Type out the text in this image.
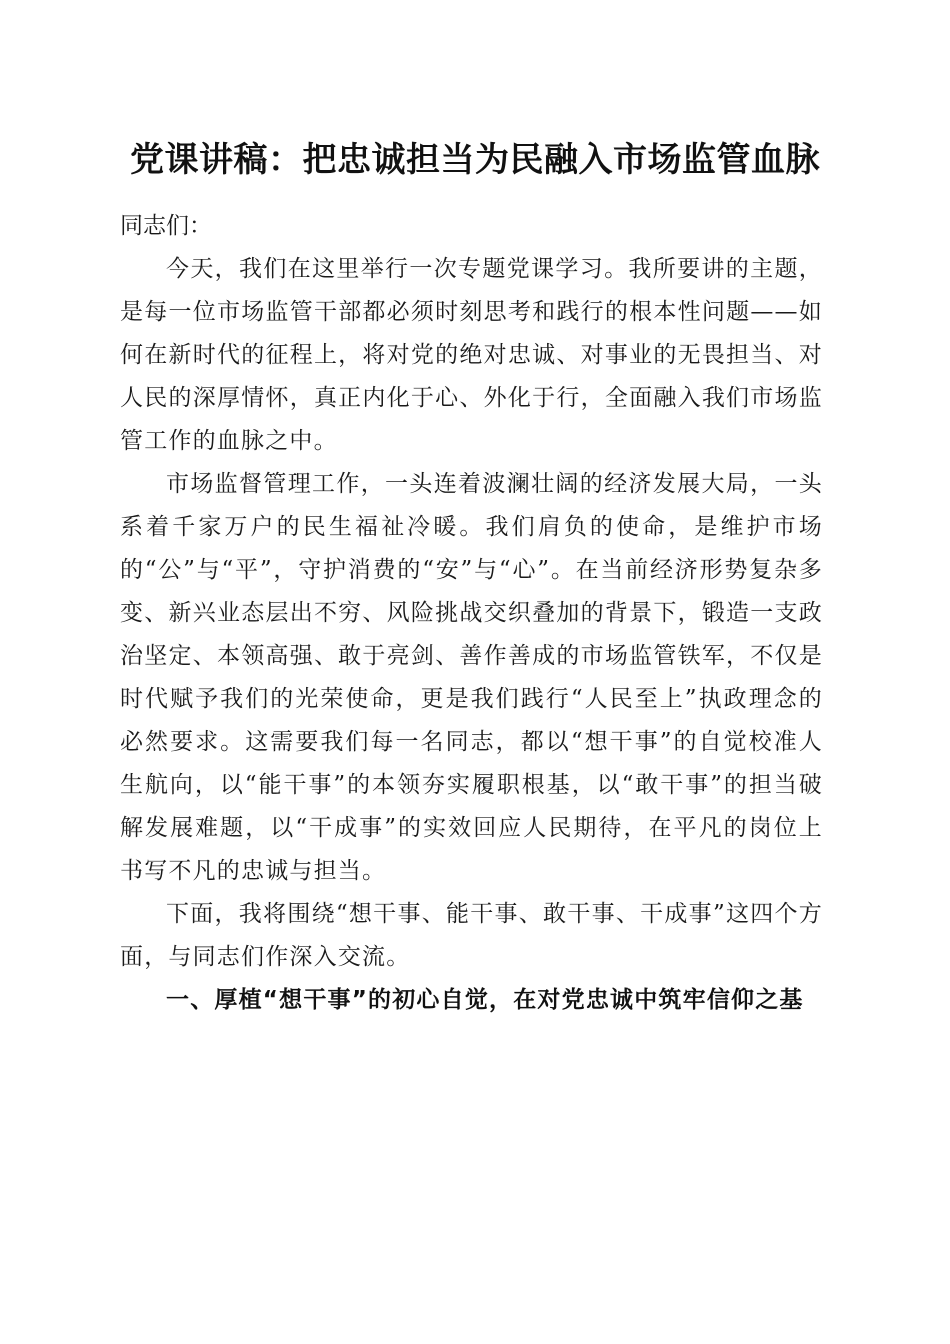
党课讲稿：把忠诚担当为民融入市场监管血脉

同志们：

今天，我们在这里举行一次专题党课学习。我所要讲的主题，是每一位市场监管干部都必须时刻思考和践行的根本性问题——如何在新时代的征程上，将对党的绝对忠诚、对事业的无畏担当、对人民的深厚情怀，真正内化于心、外化于行，全面融入我们市场监管工作的血脉之中。

市场监督管理工作，一头连着波澜壮阔的经济发展大局，一头系着千家万户的民生福祉冷暖。我们肩负的使命，是维护市场的“公”与“平”，守护消费的“安”与“心”。在当前经济形势复杂多变、新兴业态层出不穷、风险挑战交织叠加的背景下，锻造一支政治坚定、本领高强、敢于亮剑、善作善成的市场监管铁军，不仅是时代赋予我们的光荣使命，更是我们践行“人民至上”执政理念的必然要求。这需要我们每一名同志，都以“想干事”的自觉校准人生航向，以“能干事”的本领夯实履职根基，以“敢干事”的担当破解发展难题，以“干成事”的实效回应人民期待，在平凡的岗位上书写不凡的忠诚与担当。

下面，我将围绕“想干事、能干事、敢干事、干成事”这四个方面，与同志们作深入交流。

一、厚植“想干事”的初心自觉，在对党忠诚中筑牢信仰之基
